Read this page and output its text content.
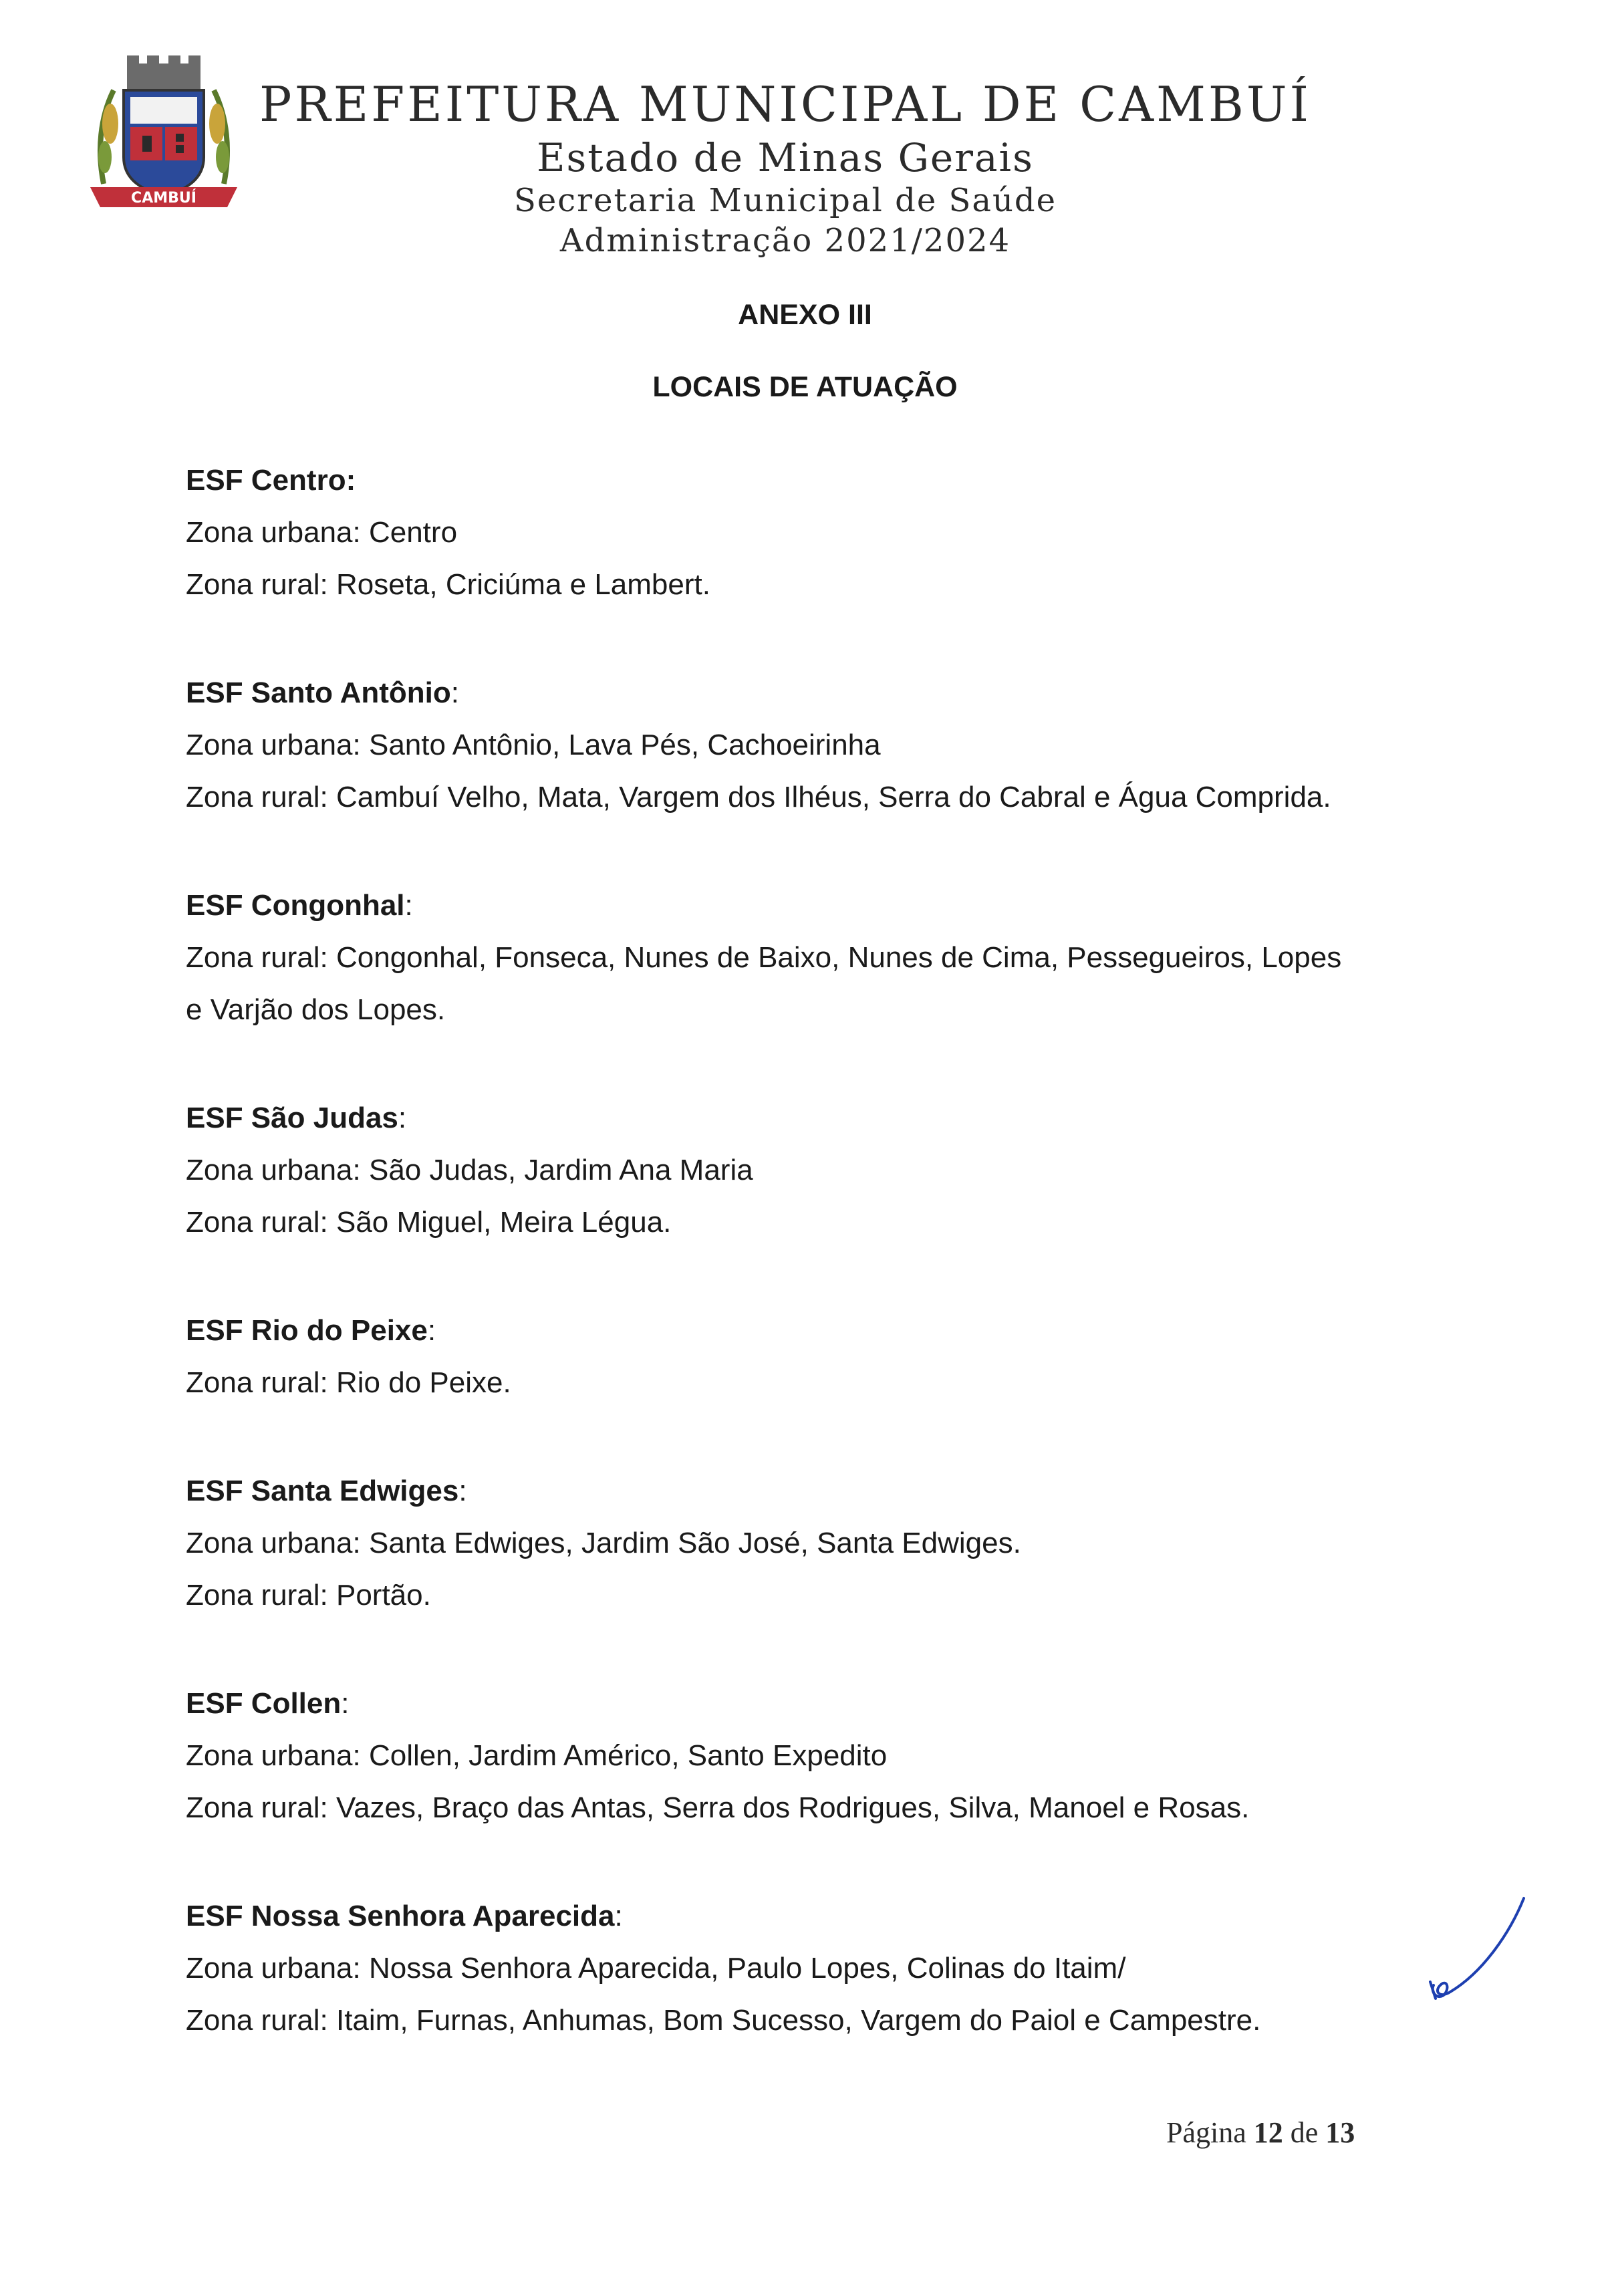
CAMBUÍ
PREFEITURA MUNICIPAL DE CAMBUÍ
Estado de Minas Gerais
Secretaria Municipal de Saúde
Administração 2021/2024
ANEXO III
LOCAIS DE ATUAÇÃO
ESF Centro:
Zona urbana: Centro
Zona rural: Roseta, Criciúma e Lambert.
ESF Santo Antônio:
Zona urbana: Santo Antônio, Lava Pés, Cachoeirinha
Zona rural: Cambuí Velho, Mata, Vargem dos Ilhéus, Serra do Cabral e Água Comprida.
ESF Congonhal:
Zona rural: Congonhal, Fonseca, Nunes de Baixo, Nunes de Cima, Pessegueiros, Lopes
e Varjão dos Lopes.
ESF São Judas:
Zona urbana: São Judas, Jardim Ana Maria
Zona rural: São Miguel, Meira Légua.
ESF Rio do Peixe:
Zona rural: Rio do Peixe.
ESF Santa Edwiges:
Zona urbana: Santa Edwiges, Jardim São José, Santa Edwiges.
Zona rural: Portão.
ESF Collen:
Zona urbana: Collen, Jardim Américo, Santo Expedito
Zona rural: Vazes, Braço das Antas, Serra dos Rodrigues, Silva, Manoel e Rosas.
ESF Nossa Senhora Aparecida:
Zona urbana: Nossa Senhora Aparecida, Paulo Lopes, Colinas do Itaim/
Zona rural: Itaim, Furnas, Anhumas, Bom Sucesso, Vargem do Paiol e Campestre.
Página 12 de 13
